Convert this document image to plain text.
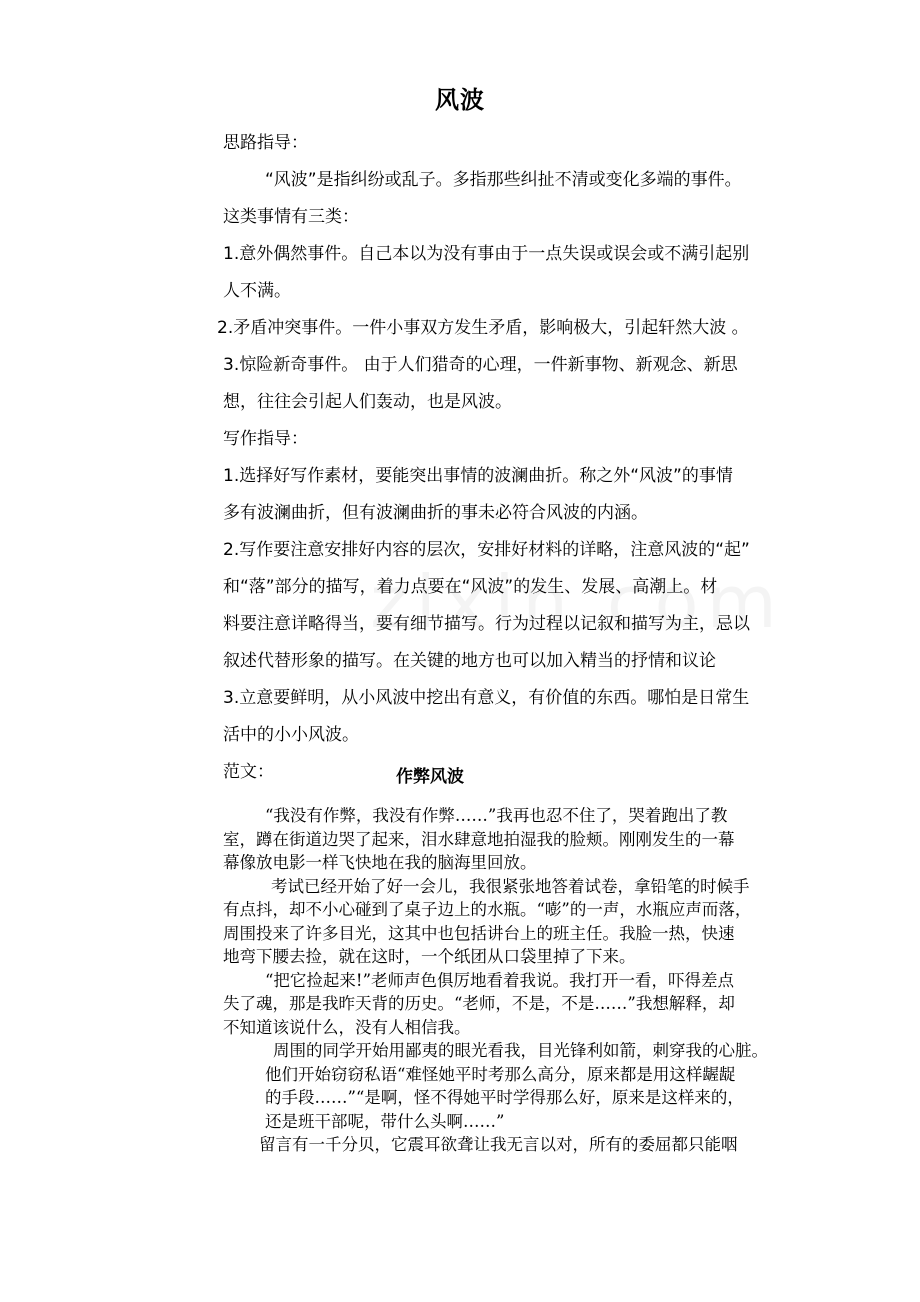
风波
思路指导：
“风波”是指纠纷或乱子。多指那些纠扯不清或变化多端的事件。
这类事情有三类：
1.意外偶然事件。自己本以为没有事由于一点失误或误会或不满引起别
人不满。
2.矛盾冲突事件。一件小事双方发生矛盾，影响极大，引起轩然大波 。
3.惊险新奇事件。 由于人们猎奇的心理，一件新事物、新观念、新思
想，往往会引起人们轰动，也是风波。
写作指导：
1.选择好写作素材，要能突出事情的波澜曲折。称之外“风波”的事情
多有波澜曲折，但有波澜曲折的事未必符合风波的内涵。
2.写作要注意安排好内容的层次，安排好材料的详略，注意风波的“起”
和“落”部分的描写，着力点要在“风波”的发生、发展、高潮上。材
料要注意详略得当，要有细节描写。行为过程以记叙和描写为主，忌以
叙述代替形象的描写。在关键的地方也可以加入精当的抒情和议论
3.立意要鲜明，从小风波中挖出有意义，有价值的东西。哪怕是日常生
活中的小小风波。
范文：	作弊风波
“我没有作弊，我没有作弊……”我再也忍不住了，哭着跑出了教
室，蹲在街道边哭了起来，泪水肆意地拍湿我的脸颊。刚刚发生的一幕
幕像放电影一样飞快地在我的脑海里回放。
考试已经开始了好一会儿，我很紧张地答着试卷，拿铅笔的时候手
有点抖，却不小心碰到了桌子边上的水瓶。“嘭”的一声，水瓶应声而落，
周围投来了许多目光，这其中也包括讲台上的班主任。我脸一热，快速
地弯下腰去捡，就在这时，一个纸团从口袋里掉了下来。
“把它捡起来!”老师声色俱厉地看着我说。我打开一看，吓得差点
失了魂，那是我昨天背的历史。“老师，不是，不是……”我想解释，却
不知道该说什么，没有人相信我。
周围的同学开始用鄙夷的眼光看我，目光锋利如箭，刺穿我的心脏。
他们开始窃窃私语“难怪她平时考那么高分，原来都是用这样龌龊
的手段……”“是啊，怪不得她平时学得那么好，原来是这样来的，
还是班干部呢，带什么头啊……”
留言有一千分贝，它震耳欲聋让我无言以对，所有的委屈都只能咽
